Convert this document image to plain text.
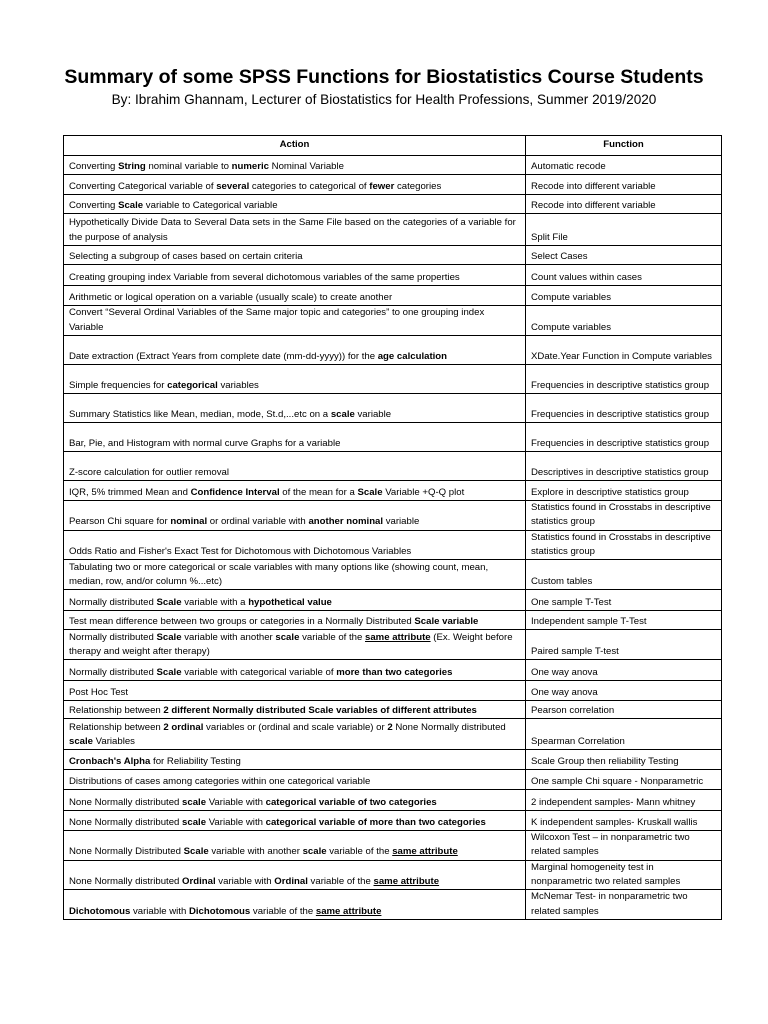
Summary of some SPSS Functions for Biostatistics Course Students
By: Ibrahim Ghannam, Lecturer of Biostatistics for Health Professions, Summer 2019/2020
Action	Function
Converting String nominal variable to numeric Nominal Variable	Automatic recode
Converting Categorical variable of several categories to categorical of fewer categories	Recode into different variable
Converting Scale variable to Categorical variable	Recode into different variable
Hypothetically Divide Data to Several Data sets in the Same File based on the categories of a variable for the purpose of analysis	Split File
Selecting a subgroup of cases based on certain criteria	Select Cases
Creating grouping index Variable from several dichotomous variables of the same properties	Count values within cases
Arithmetic or logical operation on a variable (usually scale) to create another	Compute variables
Convert “Several Ordinal Variables of the Same major topic and categories” to one grouping index Variable	Compute variables
Date extraction (Extract Years from complete date (mm-dd-yyyy)) for the age calculation	XDate.Year Function in Compute variables
Simple frequencies for categorical variables	Frequencies in descriptive statistics group
Summary Statistics like Mean, median, mode, St.d,...etc on a scale variable	Frequencies in descriptive statistics group
Bar, Pie, and Histogram with normal curve Graphs for a variable	Frequencies in descriptive statistics group
Z-score calculation for outlier removal	Descriptives in descriptive statistics group
IQR, 5% trimmed Mean and Confidence Interval of the mean for a Scale Variable +Q-Q plot	Explore in descriptive statistics group
Pearson Chi square for nominal or ordinal variable with another nominal variable	Statistics found in Crosstabs in descriptive statistics group
Odds Ratio and Fisher's Exact Test for Dichotomous with Dichotomous Variables	Statistics found in Crosstabs in descriptive statistics group
Tabulating two or more categorical or scale variables with many options like (showing count, mean, median, row, and/or column %...etc)	Custom tables
Normally distributed Scale variable with a hypothetical value	One sample T-Test
Test mean difference between two groups or categories in a Normally Distributed Scale variable	Independent sample T-Test
Normally distributed Scale variable with another scale variable of the same attribute (Ex. Weight before therapy and weight after therapy)	Paired sample T-test
Normally distributed Scale variable with categorical variable of more than two categories	One way anova
Post Hoc Test	One way anova
Relationship between 2 different Normally distributed Scale variables of different attributes	Pearson correlation
Relationship between 2 ordinal variables or (ordinal and scale variable) or 2 None Normally distributed scale Variables	Spearman Correlation
Cronbach's Alpha for Reliability Testing	Scale Group then reliability Testing
Distributions of cases among categories within one categorical variable	One sample Chi square - Nonparametric
None Normally distributed scale Variable with categorical variable of two categories	2 independent samples- Mann whitney
None Normally distributed scale Variable with categorical variable of more than two categories	K independent samples- Kruskall wallis
None Normally Distributed Scale variable with another scale variable of the same attribute	Wilcoxon Test – in nonparametric two related samples
None Normally distributed Ordinal variable with Ordinal variable of the same attribute	Marginal homogeneity test in nonparametric two related samples
Dichotomous variable with Dichotomous variable of the same attribute	McNemar Test- in nonparametric two related samples
